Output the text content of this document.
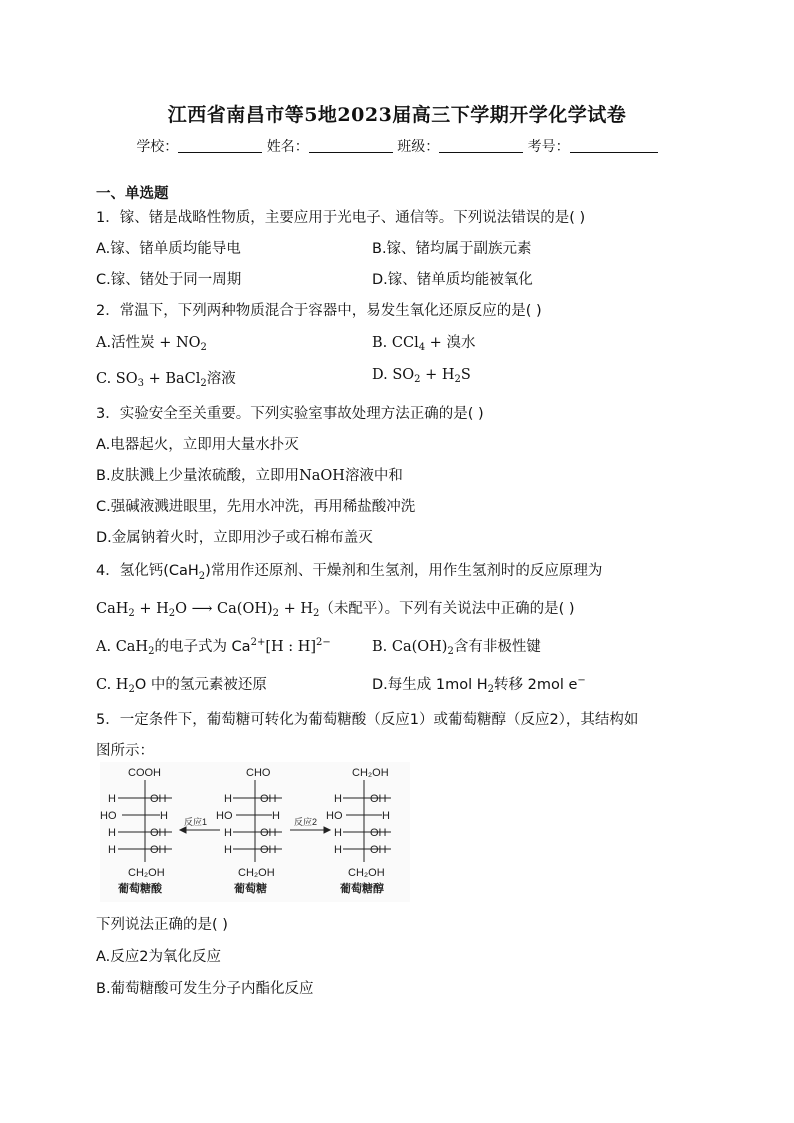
江西省南昌市等5地2023届高三下学期开学化学试卷
学校：	姓名：	班级：	考号：
一、单选题
1．镓、锗是战略性物质，主要应用于光电子、通信等。下列说法错误的是( )
A.镓、锗单质均能导电	B.镓、锗均属于副族元素
C.镓、锗处于同一周期	D.镓、锗单质均能被氧化
2．常温下，下列两种物质混合于容器中，易发生氧化还原反应的是( )
A.活性炭 + $NO_2$	B. CCl$_4$ + 溴水
C. $SO_3$ + BaCl$_2$溶液	D. $SO_2 + H_2S$
3．实验安全至关重要。下列实验室事故处理方法正确的是( )
A.电器起火，立即用大量水扑灭
B.皮肤溅上少量浓硫酸，立即用NaOH溶液中和
C.强碱液溅进眼里，先用水冲洗，再用稀盐酸冲洗
D.金属钠着火时，立即用沙子或石棉布盖灭
4．氢化钙(CaH$_2$)常用作还原剂、干燥剂和生氢剂，用作生氢剂时的反应原理为
$CaH_2 + H_2O$ ⟶ $Ca(OH)_2 + H_2$（未配平）。下列有关说法中正确的是( )
A. CaH$_2$的电子式为 $Ca^{2+}[H$ : H]$^{2-}$	B. $Ca(OH)_2$含有非极性键
C. $H_2O$ 中的氢元素被还原	D.每生成 1mol $H_2$转移 2mol e−
5．一定条件下，葡萄糖可转化为葡萄糖酸（反应1）或葡萄糖醇（反应2），其结构如
图所示：
COOH
H	OH
HO	H
H	OH
H	OH
CH₂OH
葡萄糖酸
反应1
CHO
H	OH
HO	H
H	OH
H	OH
CH₂OH
葡萄糖
反应2
CH₂OH
H	OH
HO	H
H	OH
H	OH
CH₂OH
葡萄糖醇
下列说法正确的是( )
A.反应2为氧化反应
B.葡萄糖酸可发生分子内酯化反应
